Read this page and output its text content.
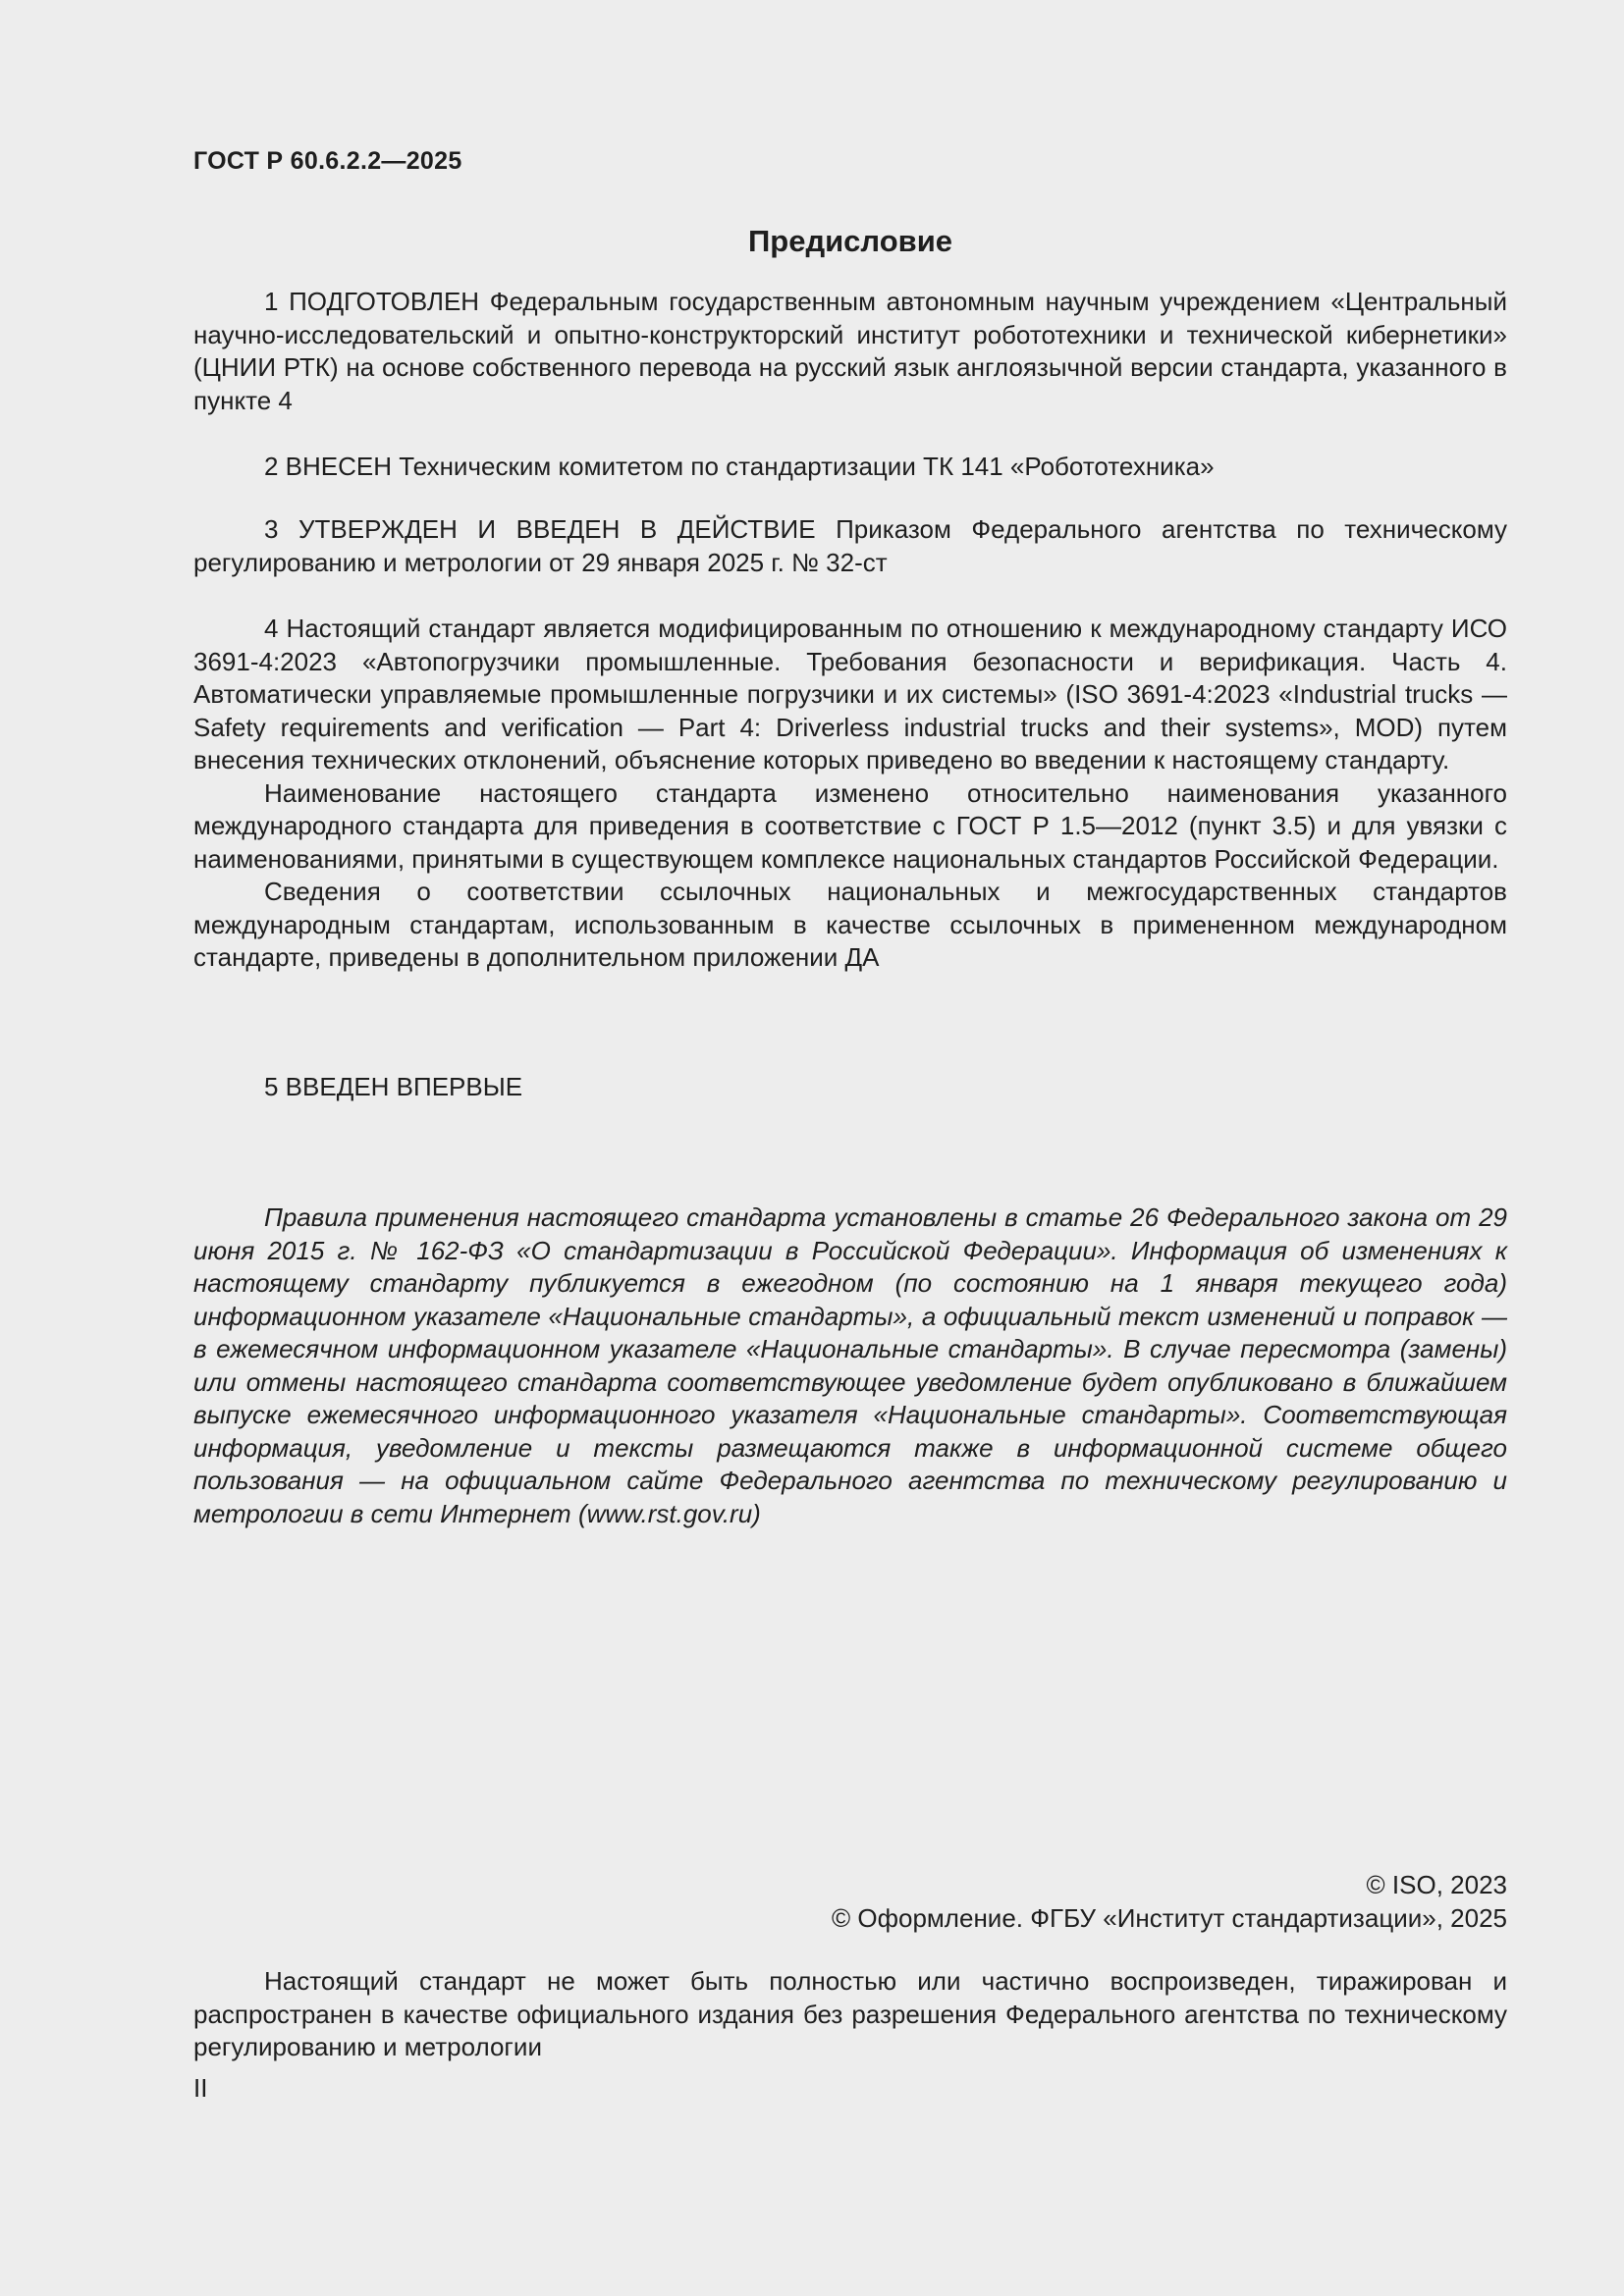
ГОСТ Р 60.6.2.2—2025
Предисловие

1 ПОДГОТОВЛЕН Федеральным государственным автономным научным учреждением «Центральный научно-исследовательский и опытно-конструкторский институт робототехники и технической кибернетики» (ЦНИИ РТК) на основе собственного перевода на русский язык англоязычной версии стандарта, указанного в пункте 4

2 ВНЕСЕН Техническим комитетом по стандартизации ТК 141 «Робототехника»

3 УТВЕРЖДЕН И ВВЕДЕН В ДЕЙСТВИЕ Приказом Федерального агентства по техническому регулированию и метрологии от 29 января 2025 г. № 32-ст

4 Настоящий стандарт является модифицированным по отношению к международному стандарту ИСО 3691-4:2023 «Автопогрузчики промышленные. Требования безопасности и верификация. Часть 4. Автоматически управляемые промышленные погрузчики и их системы» (ISO 3691-4:2023 «Industrial trucks — Safety requirements and verification — Part 4: Driverless industrial trucks and their systems», MOD) путем внесения технических отклонений, объяснение которых приведено во введении к настоящему стандарту.

Наименование настоящего стандарта изменено относительно наименования указанного международного стандарта для приведения в соответствие с ГОСТ Р 1.5—2012 (пункт 3.5) и для увязки с наименованиями, принятыми в существующем комплексе национальных стандартов Российской Федерации.

Сведения о соответствии ссылочных национальных и межгосударственных стандартов международным стандартам, использованным в качестве ссылочных в примененном международном стандарте, приведены в дополнительном приложении ДА

5 ВВЕДЕН ВПЕРВЫЕ

Правила применения настоящего стандарта установлены в статье 26 Федерального закона от 29 июня 2015 г. № 162-ФЗ «О стандартизации в Российской Федерации». Информация об изменениях к настоящему стандарту публикуется в ежегодном (по состоянию на 1 января текущего года) информационном указателе «Национальные стандарты», а официальный текст изменений и поправок — в ежемесячном информационном указателе «Национальные стандарты». В случае пересмотра (замены) или отмены настоящего стандарта соответствующее уведомление будет опубликовано в ближайшем выпуске ежемесячного информационного указателя «Национальные стандарты». Соответствующая информация, уведомление и тексты размещаются также в информационной системе общего пользования — на официальном сайте Федерального агентства по техническому регулированию и метрологии в сети Интернет (www.rst.gov.ru)

© ISO, 2023
© Оформление. ФГБУ «Институт стандартизации», 2025

Настоящий стандарт не может быть полностью или частично воспроизведен, тиражирован и распространен в качестве официального издания без разрешения Федерального агентства по техническому регулированию и метрологии

II
